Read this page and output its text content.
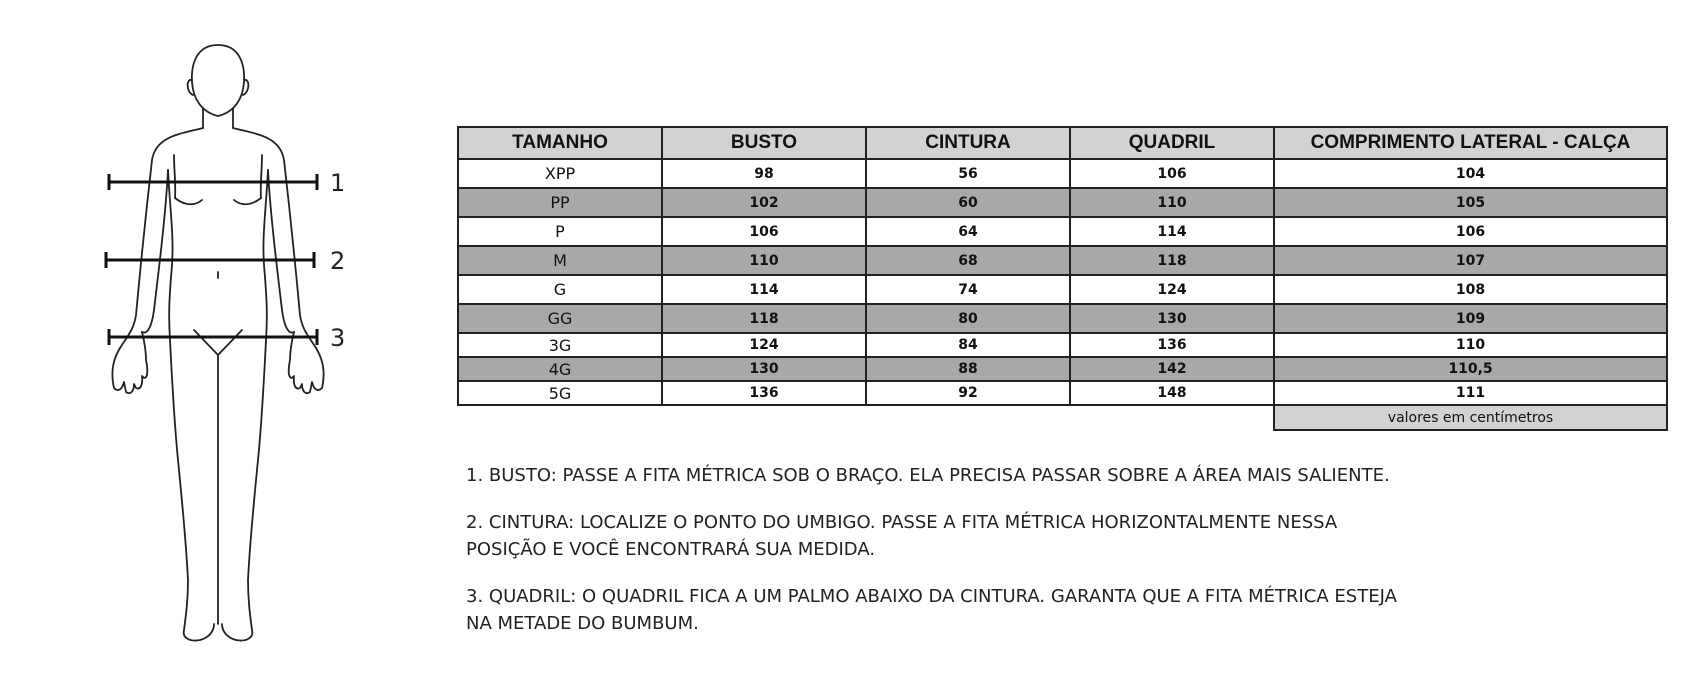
1
2
3
TAMANHO	BUSTO	CINTURA	QUADRIL	COMPRIMENTO LATERAL - CALÇA
XPP	98	56	106	104
PP	102	60	110	105
P	106	64	114	106
M	110	68	118	107
G	114	74	124	108
GG	118	80	130	109
3G	124	84	136	110
4G	130	88	142	110,5
5G	136	92	148	111
				valores em centímetros

1. BUSTO: PASSE A FITA MÉTRICA SOB O BRAÇO. ELA PRECISA PASSAR SOBRE A ÁREA MAIS SALIENTE.

2. CINTURA: LOCALIZE O PONTO DO UMBIGO. PASSE A FITA MÉTRICA HORIZONTALMENTE NESSA
POSIÇÃO E VOCÊ ENCONTRARÁ SUA MEDIDA.

3. QUADRIL: O QUADRIL FICA A UM PALMO ABAIXO DA CINTURA. GARANTA QUE A FITA MÉTRICA ESTEJA
NA METADE DO BUMBUM.
